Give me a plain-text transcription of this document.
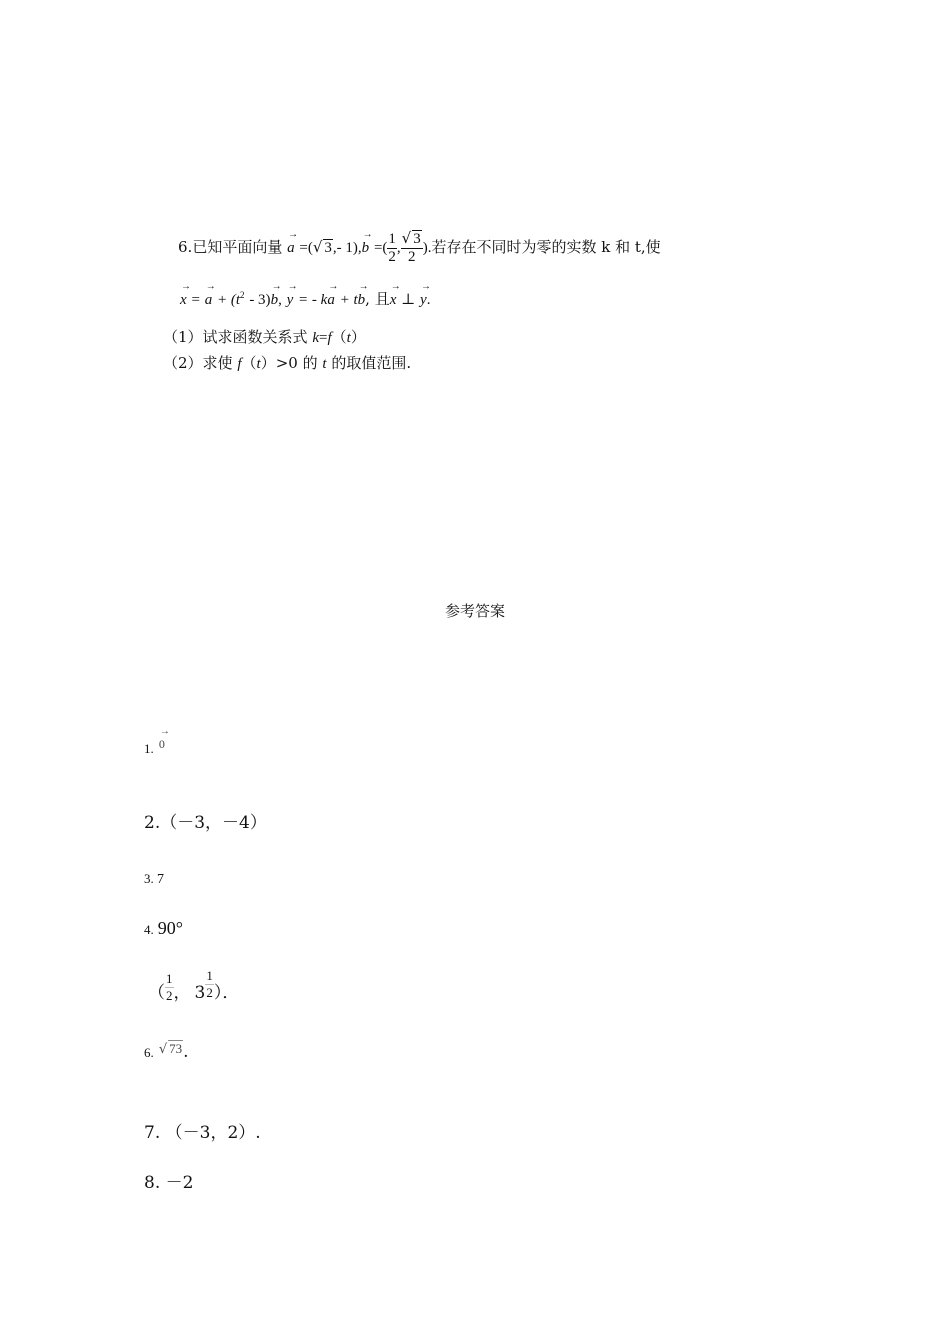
6.已知平面向量 → a =(√ 3,- 1),→ b =( $\frac{1}{2}$ , $\frac{√ 3}{2}$ ).若存在不同时为零的实数 k 和 t,使
→ x = → $a + (t^2 - 3)\to b$, → y = - k→ a + t→ b, 且→ x ⊥ → y.
（1）试求函数关系式 k=f（t）
（2）求使 f（t）>0 的 t 的取值范围.
参考答案
1. → 0
2.（－3，－4）
3. 7
4. 90°
（ $\frac{1}{2}$ ， $3 \frac{1}{2}$ ）．
6. √ 73.
7. （－3，2）.
8. －2
